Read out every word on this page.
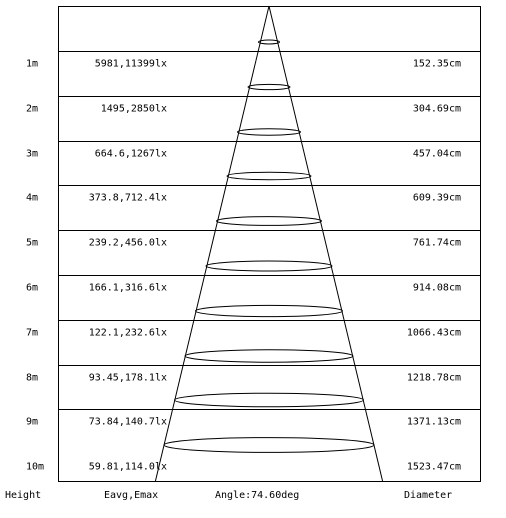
1m	5981,11399lx	152.35cm
2m	1495,2850lx	304.69cm
3m	664.6,1267lx	457.04cm
4m	373.8,712.4lx	609.39cm
5m	239.2,456.0lx	761.74cm
6m	166.1,316.6lx	914.08cm
7m	122.1,232.6lx	1066.43cm
8m	93.45,178.1lx	1218.78cm
9m	73.84,140.7lx	1371.13cm
10m	59.81,114.0lx	1523.47cm
Height	Eavg,Emax	Angle:74.60deg	Diameter
